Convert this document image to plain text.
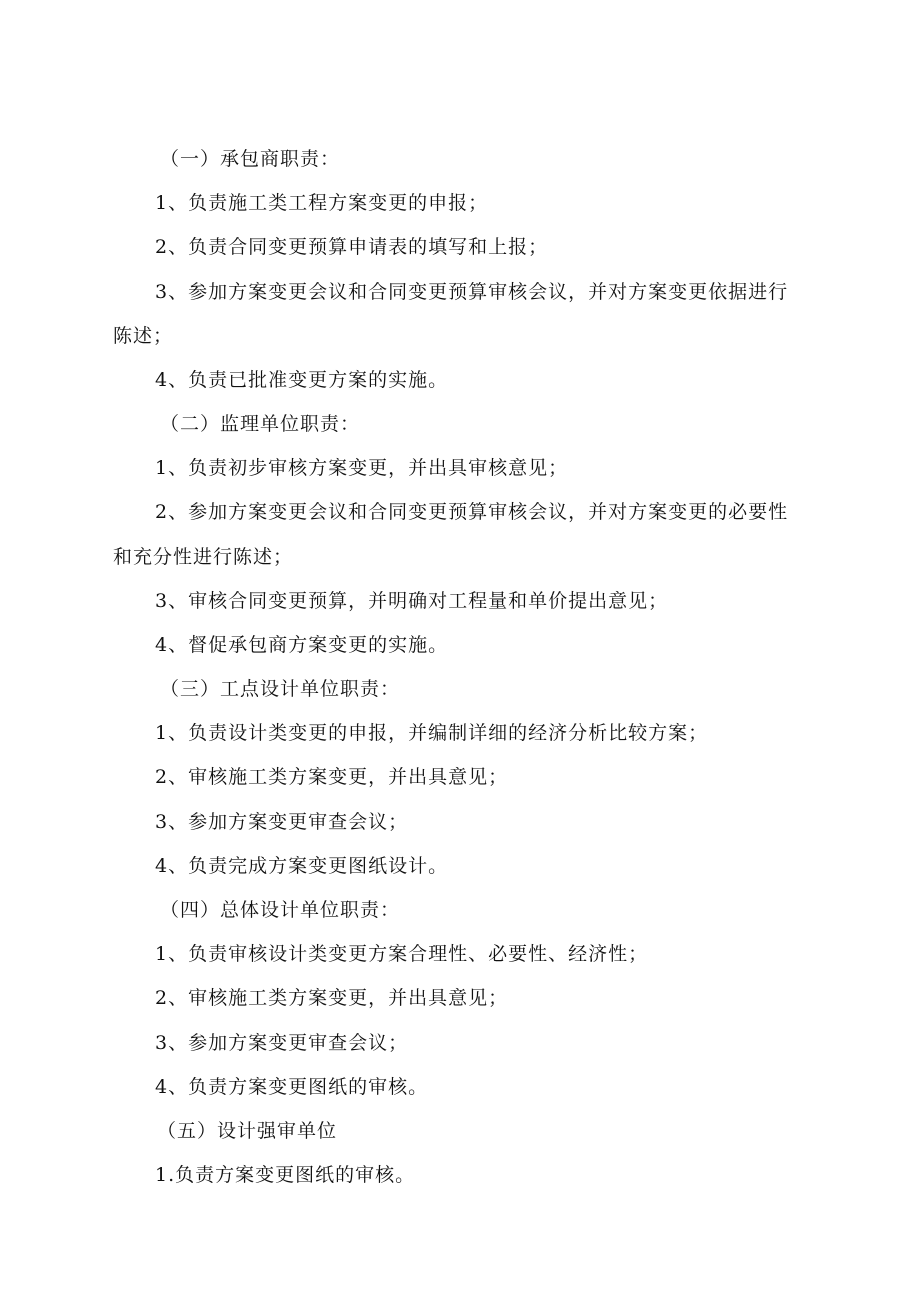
（一）承包商职责：
1、负责施工类工程方案变更的申报；
2、负责合同变更预算申请表的填写和上报；
3、参加方案变更会议和合同变更预算审核会议，并对方案变更依据进行
陈述；
4、负责已批准变更方案的实施。
（二）监理单位职责：
1、负责初步审核方案变更，并出具审核意见；
2、参加方案变更会议和合同变更预算审核会议，并对方案变更的必要性
和充分性进行陈述；
3、审核合同变更预算，并明确对工程量和单价提出意见；
4、督促承包商方案变更的实施。
（三）工点设计单位职责：
1、负责设计类变更的申报，并编制详细的经济分析比较方案；
2、审核施工类方案变更，并出具意见；
3、参加方案变更审查会议；
4、负责完成方案变更图纸设计。
（四）总体设计单位职责：
1、负责审核设计类变更方案合理性、必要性、经济性；
2、审核施工类方案变更，并出具意见；
3、参加方案变更审查会议；
4、负责方案变更图纸的审核。
（五）设计强审单位
1.负责方案变更图纸的审核。
